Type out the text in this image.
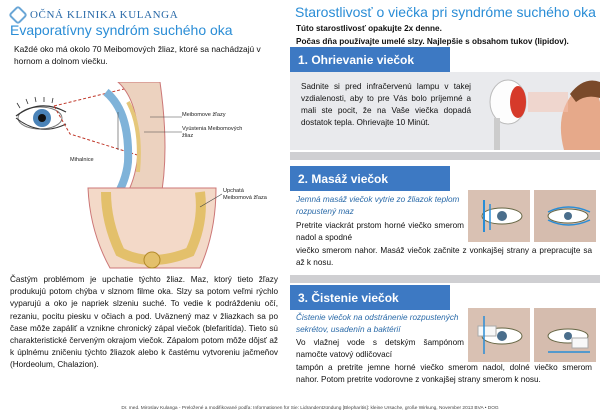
OČNÁ KLINIKA KULANGA
Evaporatívny syndróm suchého oka
Každé oko má okolo 70 Meibomových žliaz, ktoré sa nachádzajú v hornom a dolnom viečku.
Meibomove žľazy
Vyústenia Meibomových žliaz
Mihalnice
Upchatá Meibomová žľaza
Častým problémom je upchatie týchto žliaz. Maz, ktorý tieto žľazy produkujú potom chýba v slznom filme oka. Slzy sa potom veľmi rýchlo vyparujú a oko je napriek slzeniu suché. To vedie k podráždeniu očí, rezaniu, pocitu piesku v očiach a pod. Uväznený maz v žliazkach sa po čase môže zapáliť a vznikne chronický zápal viečok (blefaritída). Tieto sú charakteristické červeným okrajom viečok. Zápalom potom môže dôjsť až k úplnému zničeniu týchto žliazok alebo k častému vytvoreniu jačmeňov (Hordeolum, Chalazion).
Starostlivosť o viečka pri syndróme suchého oka
Túto starostlivosť opakujte 2x denne.
Počas dňa používajte umelé slzy. Najlepšie s obsahom tukov (lipidov).
1. Ohrievanie viečok
Sadnite si pred infračervenú lampu v takej vzdialenosti, aby to pre Vás bolo príjemné a mali ste pocit, že na Vaše viečka dopadá dostatok tepla. Ohrievajte 10 Minút.
2. Masáž viečok
Jemná masáž viečok vytrie zo žliazok teplom rozpustený maz
Pretrite viackrát prstom horné viečko smerom nadol a spodné
viečko smerom nahor. Masáž viečok začnite z vonkajšej strany a prepracujte sa až k nosu.
3. Čistenie viečok
Čistenie viečok na odstránenie rozpustených sekrétov, usadenín a baktérií
Vo vlažnej vode s detským šampónom namočte vatový odličovací
tampón a pretrite jemne horné viečko smerom nadol, dolné viečko smerom nahor. Potom pretrite vodorovne z vonkajšej strany smerom k nosu.
Dr. med. Miroslav Kulanga - Preložené a modifikované podľa: Informationen für Sie: Lidrandentzündung [Blepharitis]: kleine Ursache, große Wirkung, November 2013 BVA • DOG
